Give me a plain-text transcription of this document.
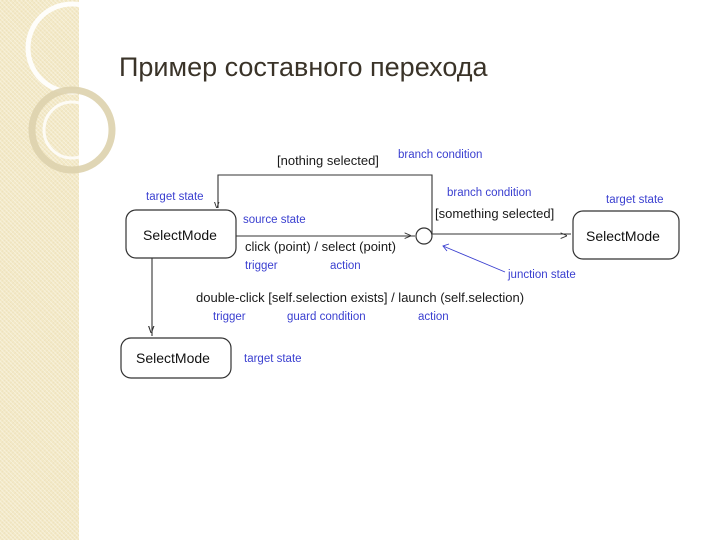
Пример составного перехода
v
>	>
v
SelectMode	SelectMode
SelectMode
[nothing selected]
[something selected]
click (point) / select (point)
double-click [self.selection exists] / launch (self.selection)
branch condition
branch condition
target state	target state
source state
trigger	action
junction state
trigger	guard condition	action
target state
